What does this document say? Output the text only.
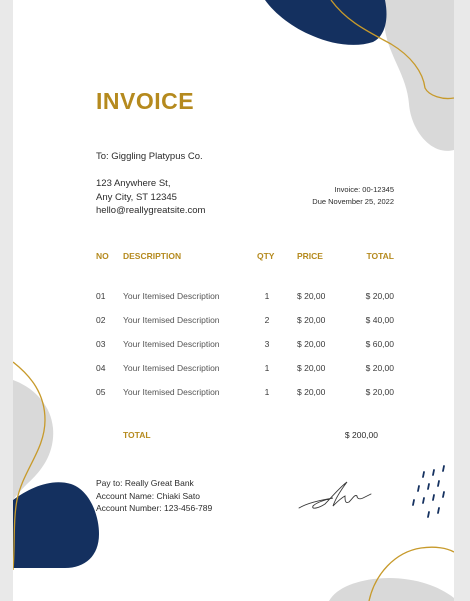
INVOICE
To: Giggling Platypus Co.
123 Anywhere St,
Any City, ST 12345
hello@reallygreatsite.com
Invoice: 00-12345
Due November 25, 2022
NO DESCRIPTION	QTY	PRICE	TOTAL
01 Your Itemised Description	1	$ 20,00	$ 20,00
02 Your Itemised Description	2	$ 20,00	$ 40,00
03 Your Itemised Description	3	$ 20,00	$ 60,00
04 Your Itemised Description	1	$ 20,00	$ 20,00
05 Your Itemised Description	1	$ 20,00	$ 20,00
TOTAL	$ 200,00
Pay to: Really Great Bank
Account Name: Chiaki Sato
Account Number: 123-456-789
